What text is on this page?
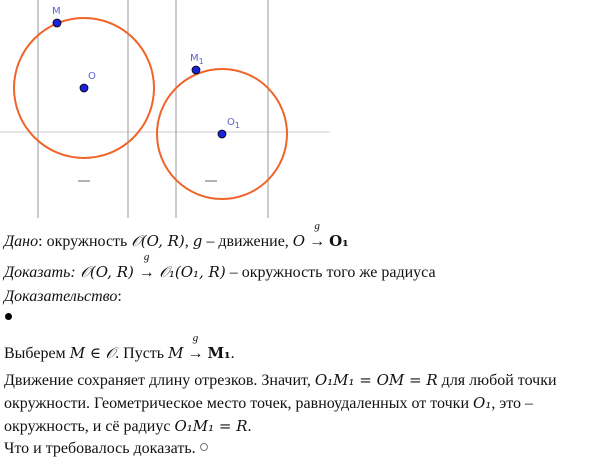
M
O
$M_1$
$O_1$
Дано: окружность 𝒪(O, R), g – движение, O
g
→ O₁
Доказать: 𝒪(O, R)
g
→ 𝒪₁(O₁, R) – окружность того же радиуса
Доказательство:
Выберем M ∈ 𝒪. Пусть M
g
→ M₁.
Движение сохраняет длину отрезков. Значит, O₁M₁ = OM = R для любой точки
окружности. Геометрическое место точек, равноудаленных от точки O₁, это –
окружность, и сё радиус O₁M₁ = R.
Что и требовалось доказать.
